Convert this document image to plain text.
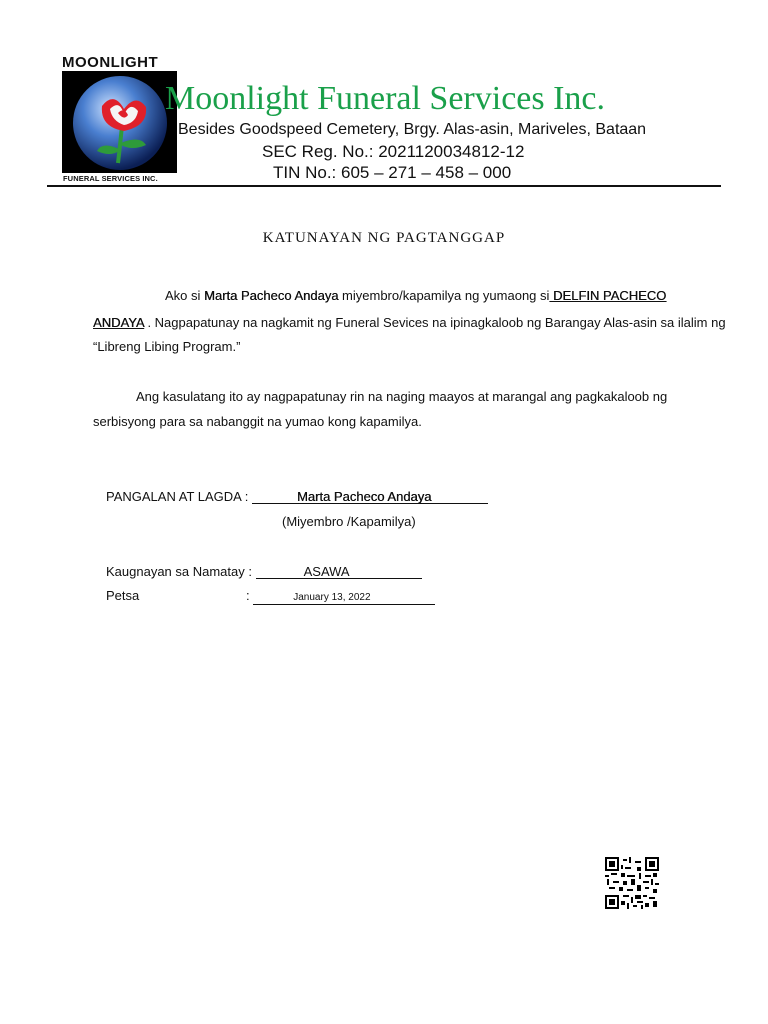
MOONLIGHT
FUNERAL SERVICES INC.
Moonlight Funeral Services Inc.
Besides Goodspeed Cemetery, Brgy. Alas-asin, Mariveles, Bataan
SEC Reg. No.: 2021120034812-12
TIN No.: 605 – 271 – 458 – 000
KATUNAYAN NG PAGTANGGAP
Ako si Marta Pacheco Andaya miyembro/kapamilya ng yumaong si DELFIN PACHECO
ANDAYA . Nagpapatunay na nagkamit ng Funeral Sevices na ipinagkaloob ng Barangay Alas-asin sa ilalim ng
“Libreng Libing Program.”
Ang kasulatang ito ay nagpapatunay rin na naging maayos at marangal ang pagkakaloob ng
serbisyong para sa nabanggit na yumao kong kapamilya.
PANGALAN AT LAGDA :	Marta Pacheco Andaya
(Miyembro /Kapamilya)
Kaugnayan sa Namatay :	ASAWA
Petsa	:	January 13, 2022
